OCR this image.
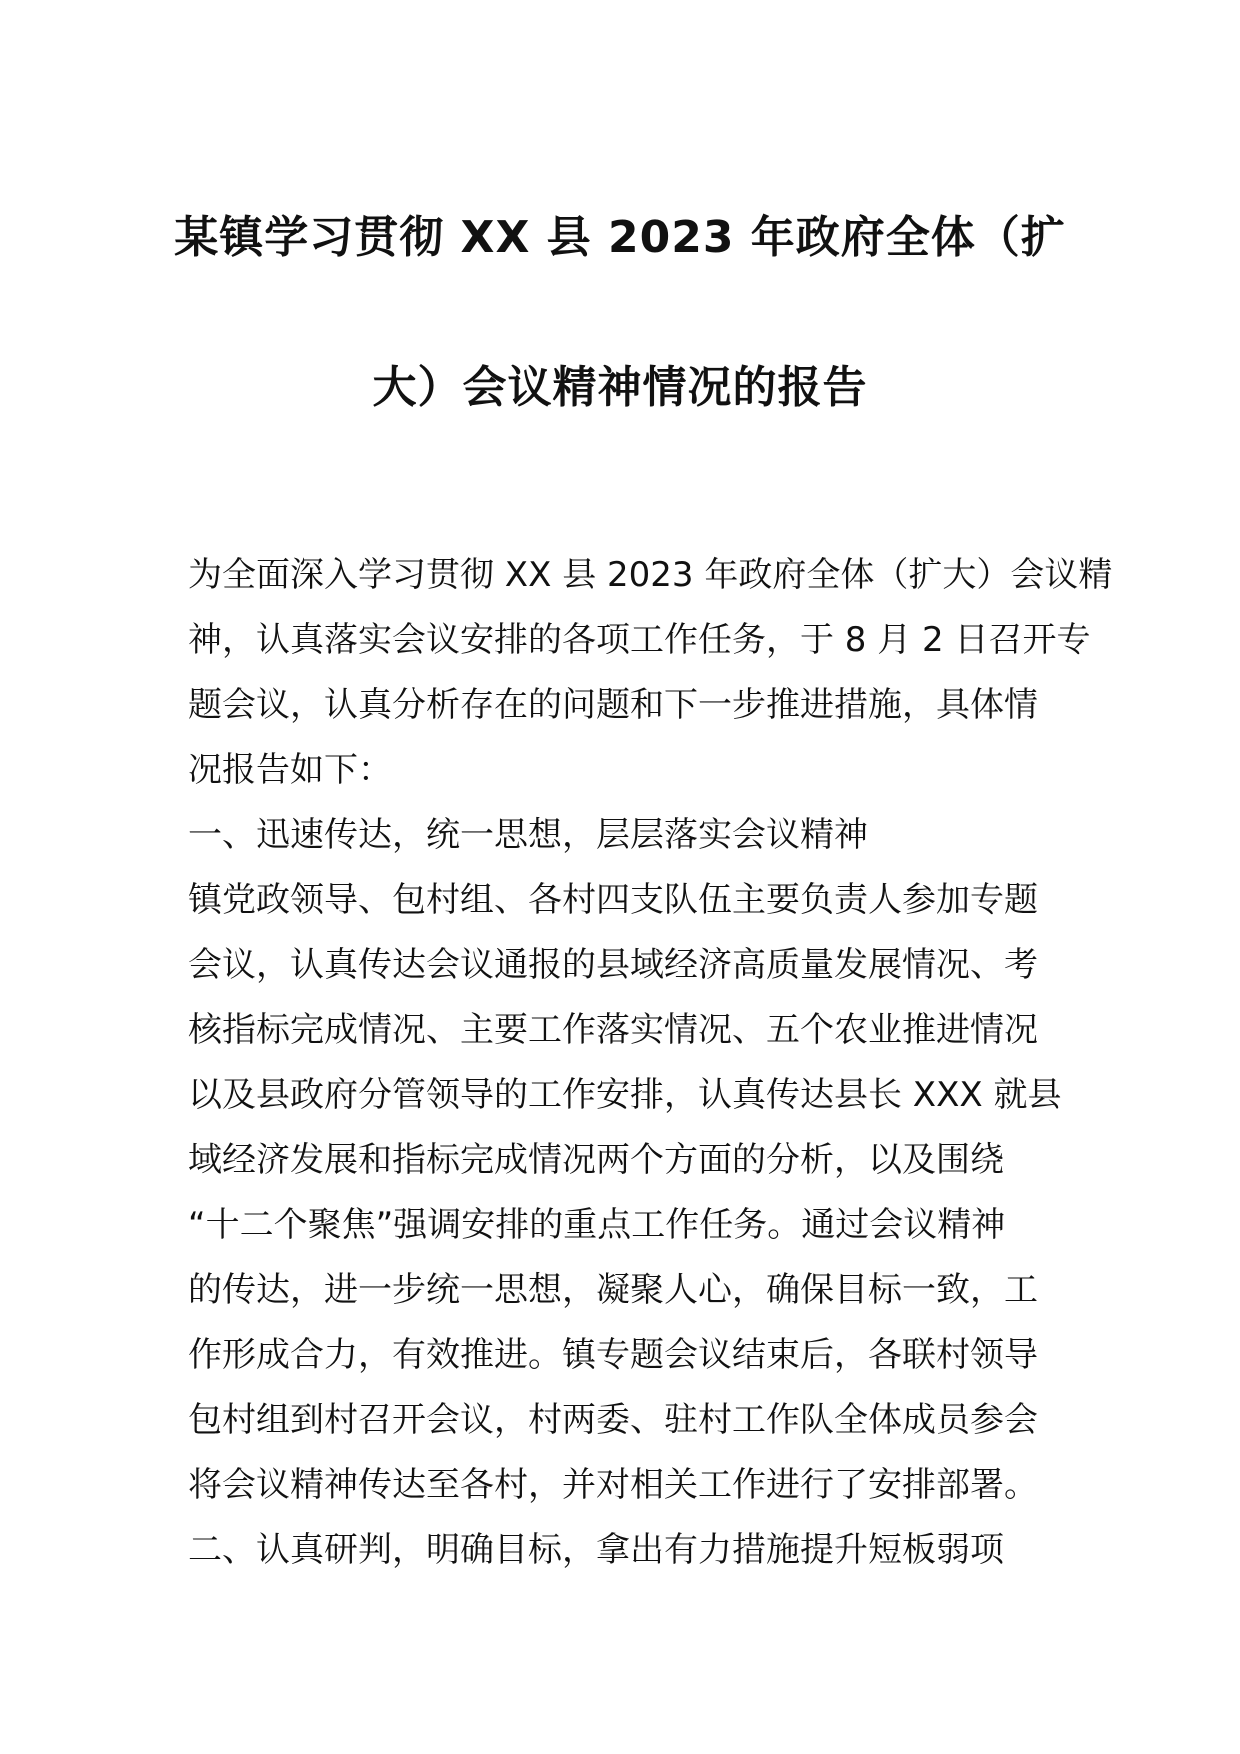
某镇学习贯彻 XX 县 2023 年政府全体（扩
大）会议精神情况的报告
为全面深入学习贯彻 XX 县 2023 年政府全体（扩大）会议精
神，认真落实会议安排的各项工作任务，于 8 月 2 日召开专
题会议，认真分析存在的问题和下一步推进措施，具体情
况报告如下：
一、迅速传达，统一思想，层层落实会议精神
镇党政领导、包村组、各村四支队伍主要负责人参加专题
会议，认真传达会议通报的县域经济高质量发展情况、考
核指标完成情况、主要工作落实情况、五个农业推进情况
以及县政府分管领导的工作安排，认真传达县长 XXX 就县
域经济发展和指标完成情况两个方面的分析，以及围绕
“十二个聚焦”强调安排的重点工作任务。通过会议精神
的传达，进一步统一思想，凝聚人心，确保目标一致，工
作形成合力，有效推进。镇专题会议结束后，各联村领导
包村组到村召开会议，村两委、驻村工作队全体成员参会
将会议精神传达至各村，并对相关工作进行了安排部署。
二、认真研判，明确目标，拿出有力措施提升短板弱项
